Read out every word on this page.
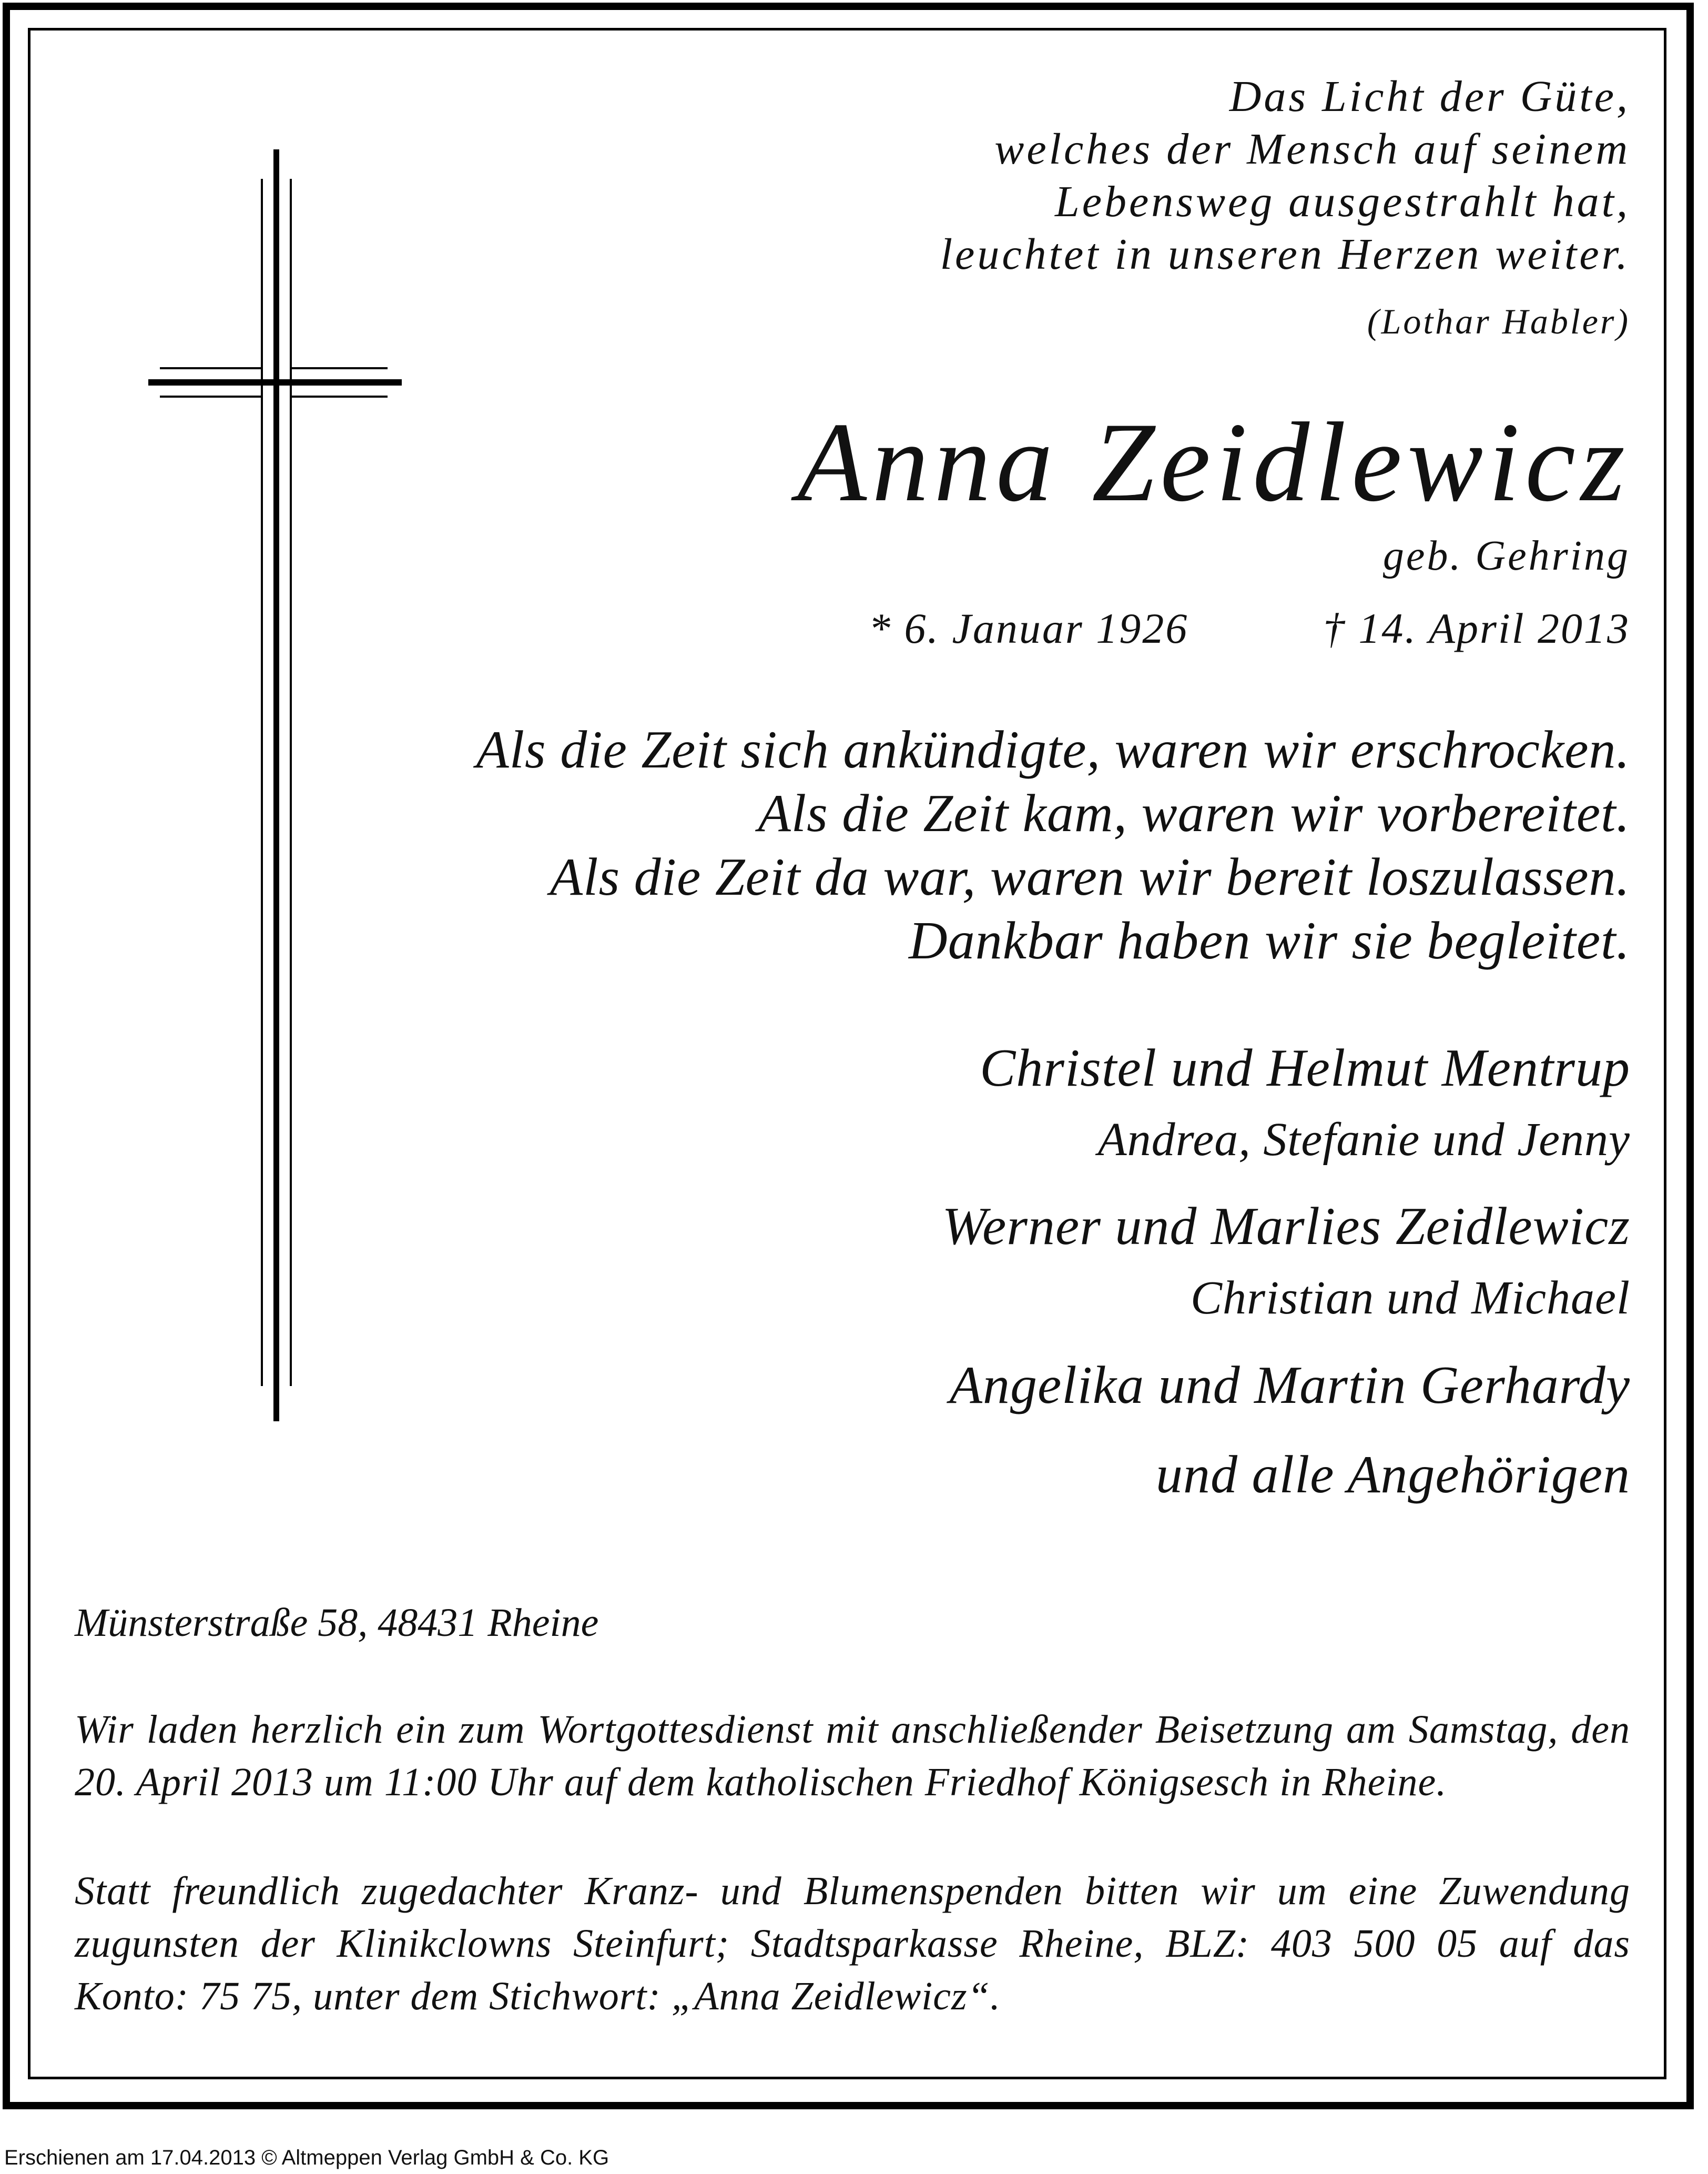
Das Licht der Güte,
welches der Mensch auf seinem
Lebensweg ausgestrahlt hat,
leuchtet in unseren Herzen weiter.
(Lothar Habler)
Anna Zeidlewicz
geb. Gehring
* 6. Januar 1926	† 14. April 2013
Als die Zeit sich ankündigte, waren wir erschrocken.
Als die Zeit kam, waren wir vorbereitet.
Als die Zeit da war, waren wir bereit loszulassen.
Dankbar haben wir sie begleitet.
Christel und Helmut Mentrup
Andrea, Stefanie und Jenny
Werner und Marlies Zeidlewicz
Christian und Michael
Angelika und Martin Gerhardy
und alle Angehörigen
Münsterstraße 58, 48431 Rheine
Wir laden herzlich ein zum Wortgottesdienst mit anschließender Beisetzung am Samstag, den 20. April 2013 um 11:00 Uhr auf dem katholischen Friedhof Königsesch in Rheine.
Statt freundlich zugedachter Kranz- und Blumenspenden bitten wir um eine Zuwendung zugunsten der Klinikclowns Steinfurt; Stadtsparkasse Rheine, BLZ: 403 500 05 auf das Konto: 75 75, unter dem Stichwort: „Anna Zeidlewicz“.
Erschienen am 17.04.2013 © Altmeppen Verlag GmbH & Co. KG
